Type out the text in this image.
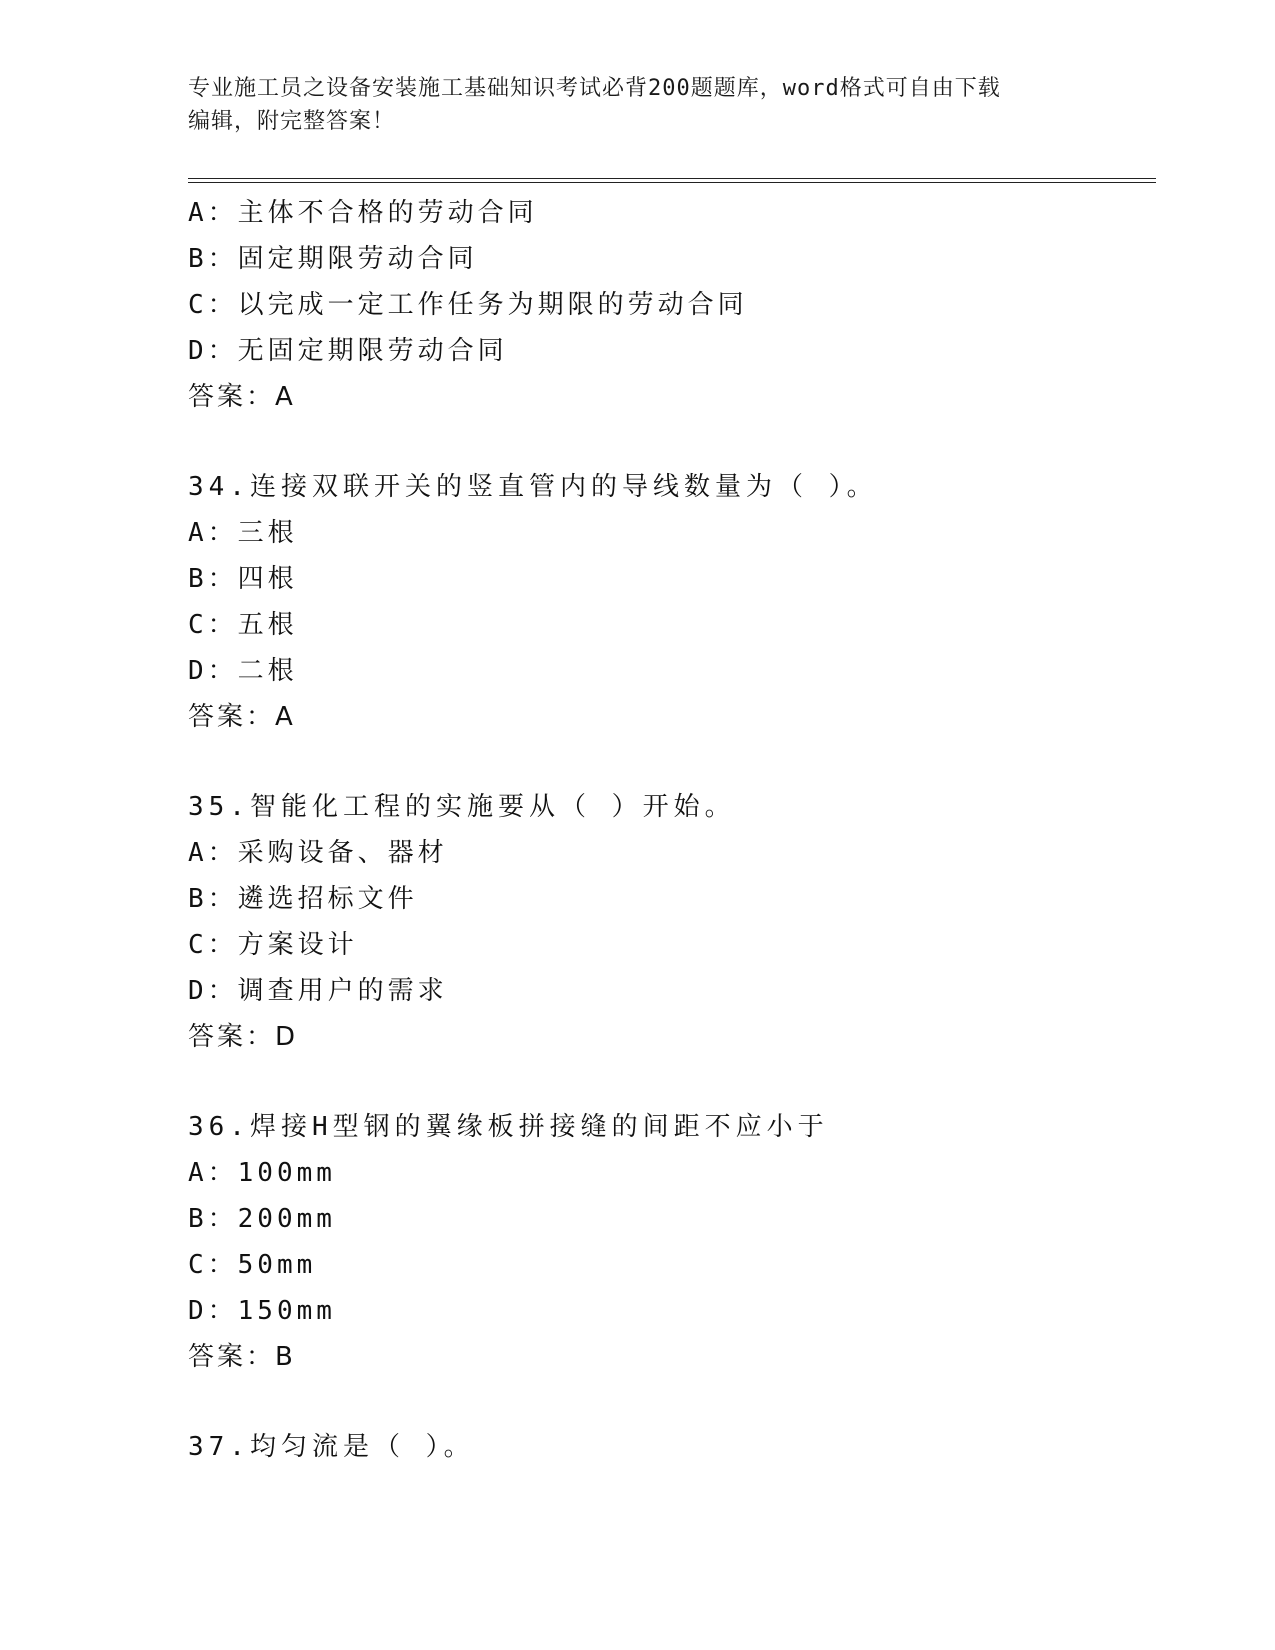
专业施工员之设备安装施工基础知识考试必背200题题库，word格式可自由下载
编辑，附完整答案！
A：主体不合格的劳动合同
B：固定期限劳动合同
C：以完成一定工作任务为期限的劳动合同
D：无固定期限劳动合同
答案：A
34.连接双联开关的竖直管内的导线数量为（ ）。
A：三根
B：四根
C：五根
D：二根
答案：A
35.智能化工程的实施要从（ ）开始。
A：采购设备、器材
B：遴选招标文件
C：方案设计
D：调查用户的需求
答案：D
36.焊接H型钢的翼缘板拼接缝的间距不应小于
A：100mm
B：200mm
C：50mm
D：150mm
答案：B
37.均匀流是（ ）。
